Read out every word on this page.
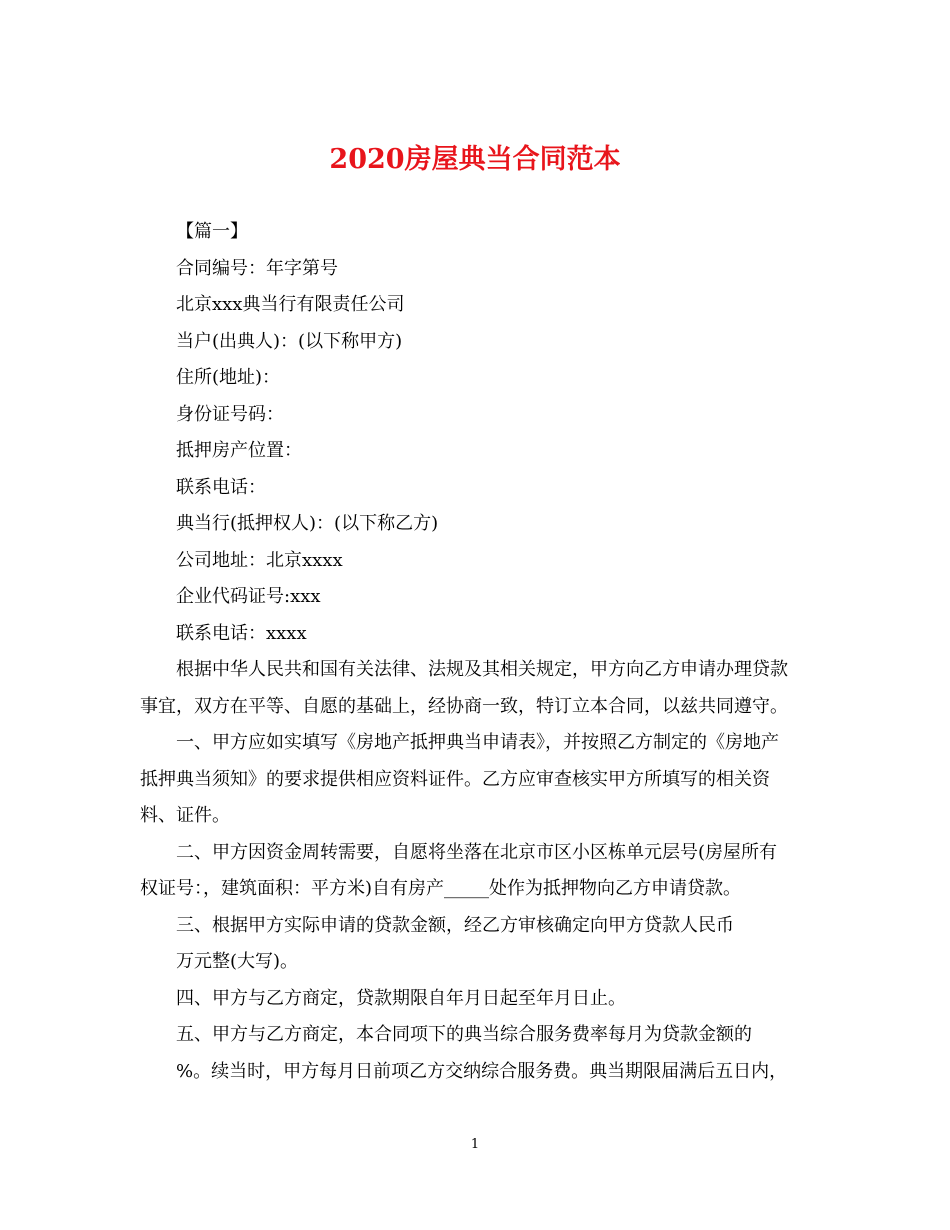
2020房屋典当合同范本

【篇一】

合同编号：年字第号

北京xxx典当行有限责任公司

当户(出典人)：(以下称甲方)

住所(地址)：

身份证号码：

抵押房产位置：

联系电话：

典当行(抵押权人)：(以下称乙方)

公司地址：北京xxxx

企业代码证号:xxx

联系电话：xxxx

根据中华人民共和国有关法律、法规及其相关规定，甲方向乙方申请办理贷款

事宜，双方在平等、自愿的基础上，经协商一致，特订立本合同，以兹共同遵守。

一、甲方应如实填写《房地产抵押典当申请表》，并按照乙方制定的《房地产

抵押典当须知》的要求提供相应资料证件。乙方应审查核实甲方所填写的相关资

料、证件。

二、甲方因资金周转需要，自愿将坐落在北京市区小区栋单元层号(房屋所有

权证号：，建筑面积：平方米)自有房产_____处作为抵押物向乙方申请贷款。

三、根据甲方实际申请的贷款金额，经乙方审核确定向甲方贷款人民币

万元整(大写)。

四、甲方与乙方商定，贷款期限自年月日起至年月日止。

五、甲方与乙方商定，本合同项下的典当综合服务费率每月为贷款金额的

%。续当时，甲方每月日前项乙方交纳综合服务费。典当期限届满后五日内，

1
